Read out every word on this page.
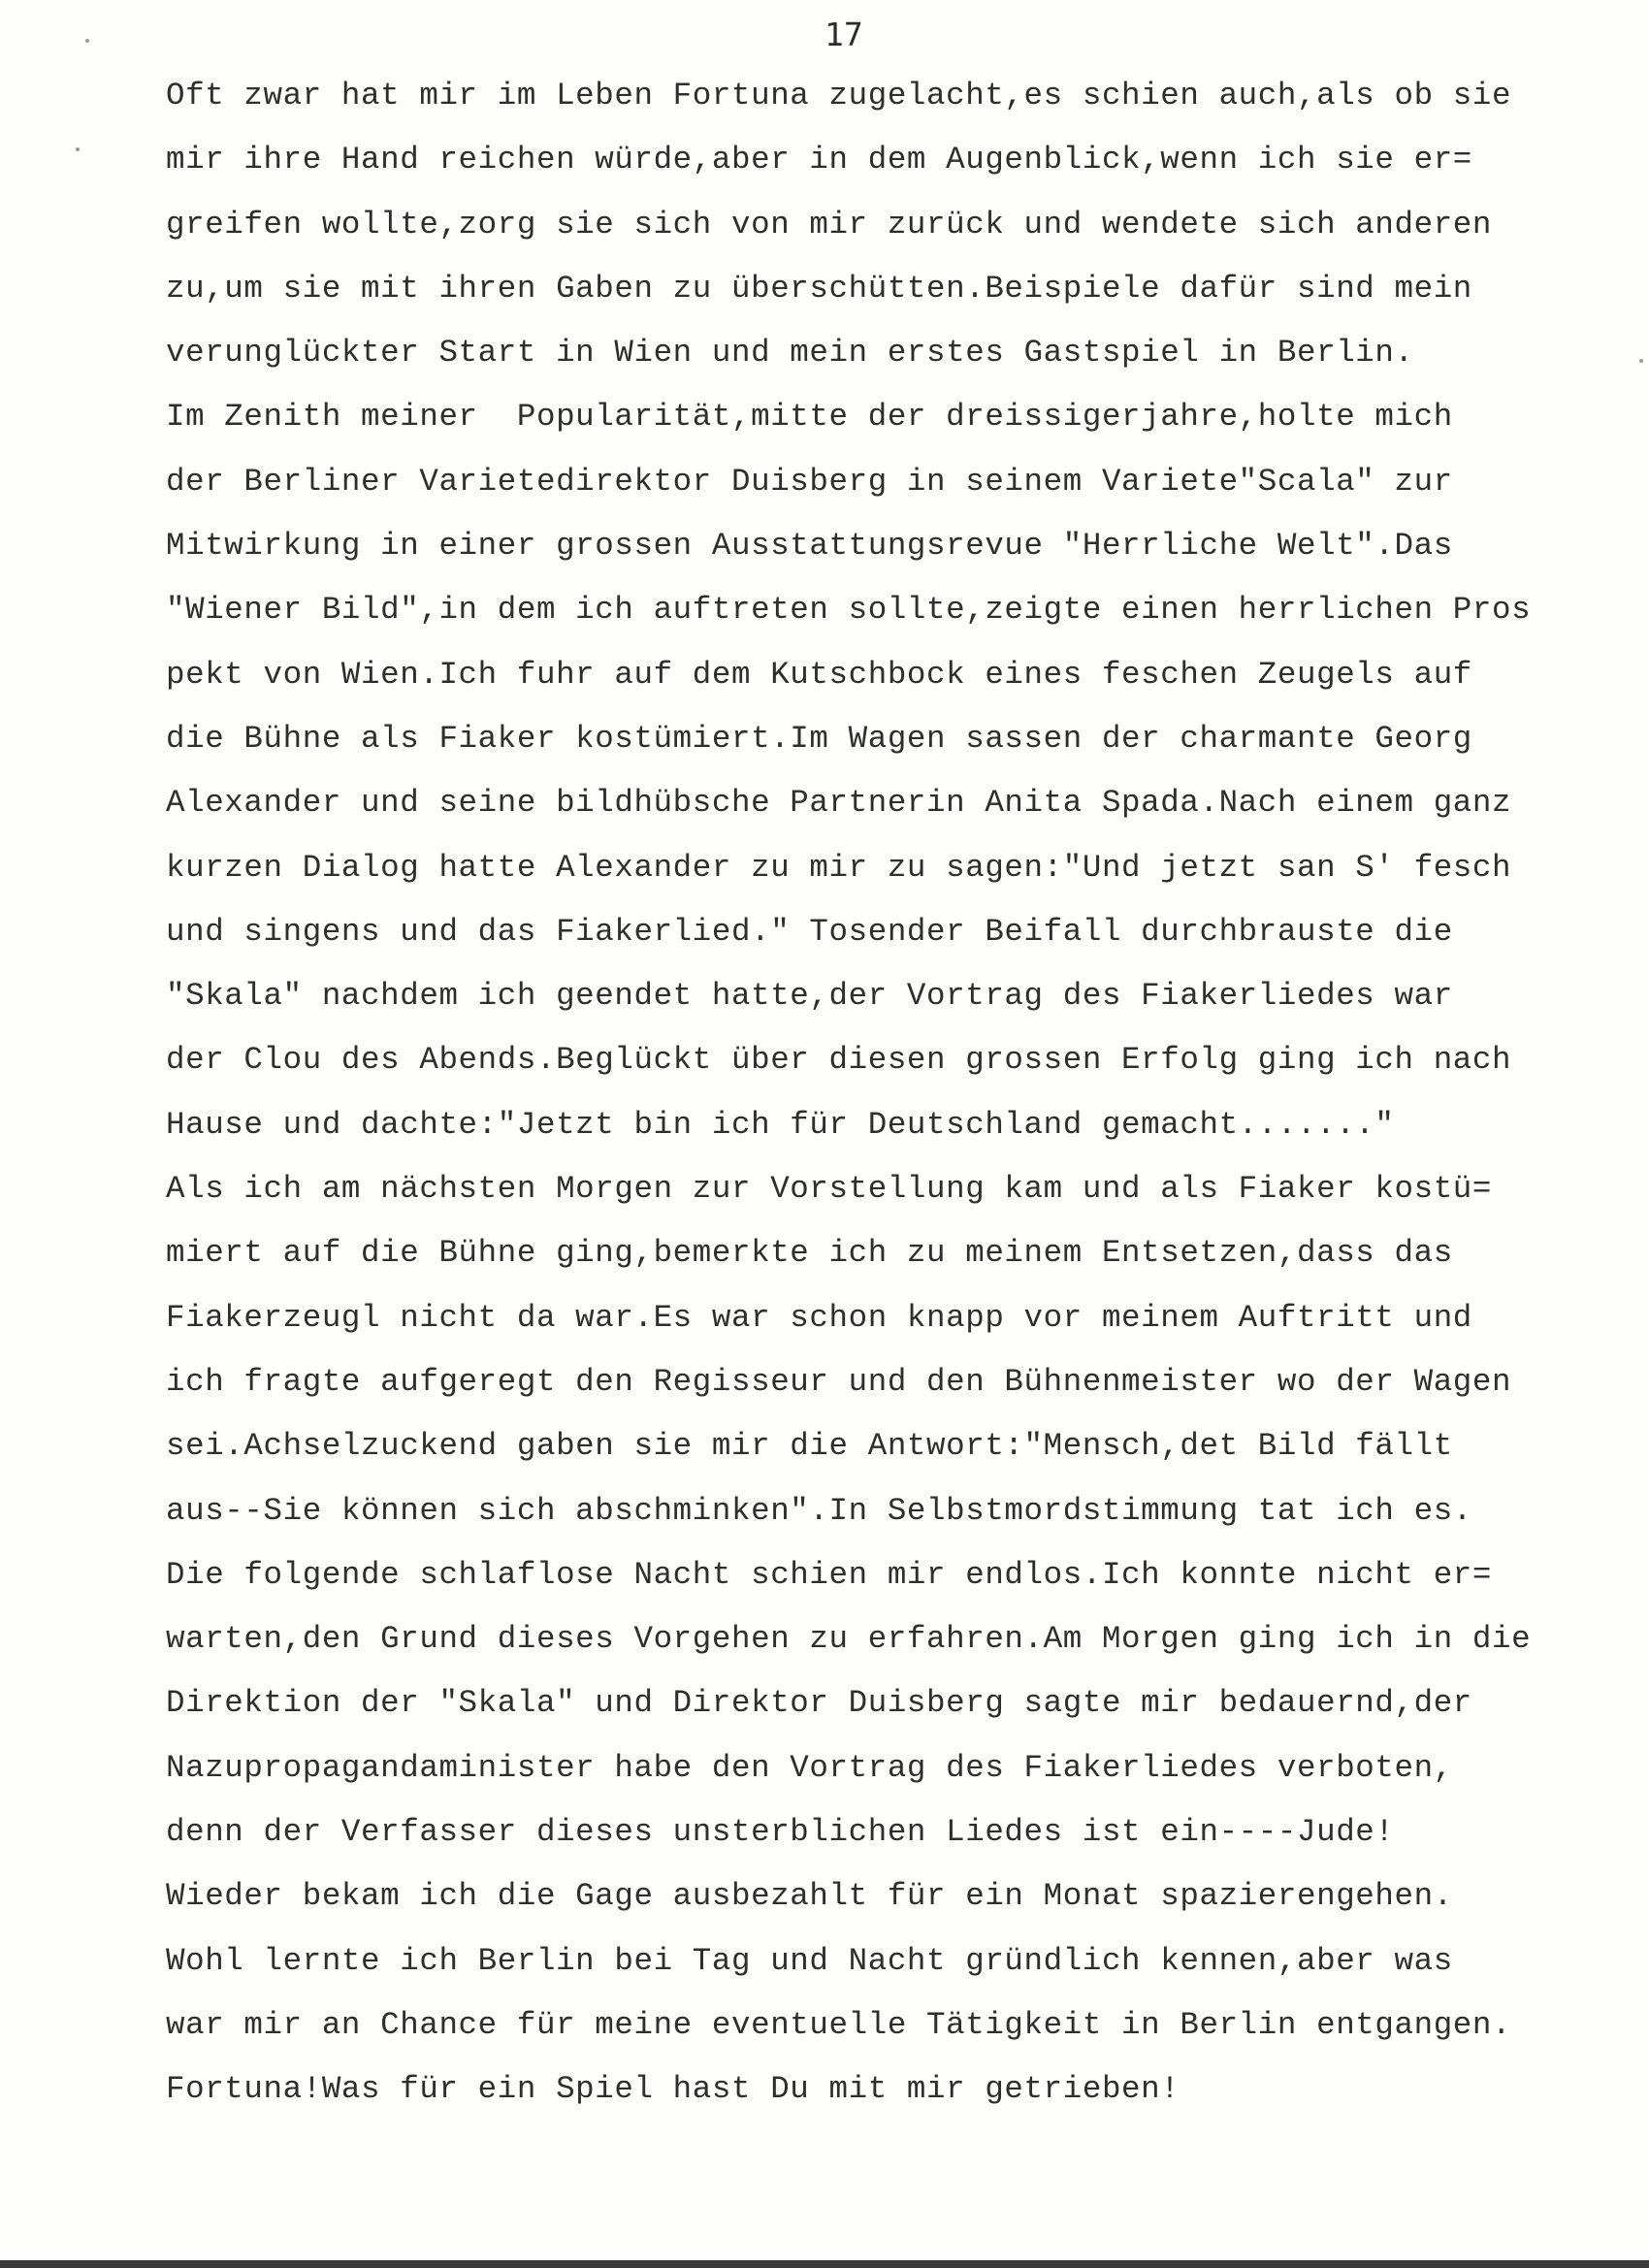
17

Oft zwar hat mir im Leben Fortuna zugelacht,es schien auch,als ob sie

mir ihre Hand reichen würde,aber in dem Augenblick,wenn ich sie er=

greifen wollte,zorg sie sich von mir zurück und wendete sich anderen

zu,um sie mit ihren Gaben zu überschütten.Beispiele dafür sind mein

verunglückter Start in Wien und mein erstes Gastspiel in Berlin.

Im Zenith meiner  Popularität,mitte der dreissigerjahre,holte mich

der Berliner Varietedirektor Duisberg in seinem Variete"Scala" zur

Mitwirkung in einer grossen Ausstattungsrevue "Herrliche Welt".Das

"Wiener Bild",in dem ich auftreten sollte,zeigte einen herrlichen Pros

pekt von Wien.Ich fuhr auf dem Kutschbock eines feschen Zeugels auf

die Bühne als Fiaker kostümiert.Im Wagen sassen der charmante Georg

Alexander und seine bildhübsche Partnerin Anita Spada.Nach einem ganz

kurzen Dialog hatte Alexander zu mir zu sagen:"Und jetzt san S' fesch

und singens und das Fiakerlied." Tosender Beifall durchbrauste die

"Skala" nachdem ich geendet hatte,der Vortrag des Fiakerliedes war

der Clou des Abends.Beglückt über diesen grossen Erfolg ging ich nach

Hause und dachte:"Jetzt bin ich für Deutschland gemacht......."

Als ich am nächsten Morgen zur Vorstellung kam und als Fiaker kostü=

miert auf die Bühne ging,bemerkte ich zu meinem Entsetzen,dass das

Fiakerzeugl nicht da war.Es war schon knapp vor meinem Auftritt und

ich fragte aufgeregt den Regisseur und den Bühnenmeister wo der Wagen

sei.Achselzuckend gaben sie mir die Antwort:"Mensch,det Bild fällt

aus--Sie können sich abschminken".In Selbstmordstimmung tat ich es.

Die folgende schlaflose Nacht schien mir endlos.Ich konnte nicht er=

warten,den Grund dieses Vorgehen zu erfahren.Am Morgen ging ich in die

Direktion der "Skala" und Direktor Duisberg sagte mir bedauernd,der

Nazupropagandaminister habe den Vortrag des Fiakerliedes verboten,

denn der Verfasser dieses unsterblichen Liedes ist ein----Jude!

Wieder bekam ich die Gage ausbezahlt für ein Monat spazierengehen.

Wohl lernte ich Berlin bei Tag und Nacht gründlich kennen,aber was

war mir an Chance für meine eventuelle Tätigkeit in Berlin entgangen.

Fortuna!Was für ein Spiel hast Du mit mir getrieben!
